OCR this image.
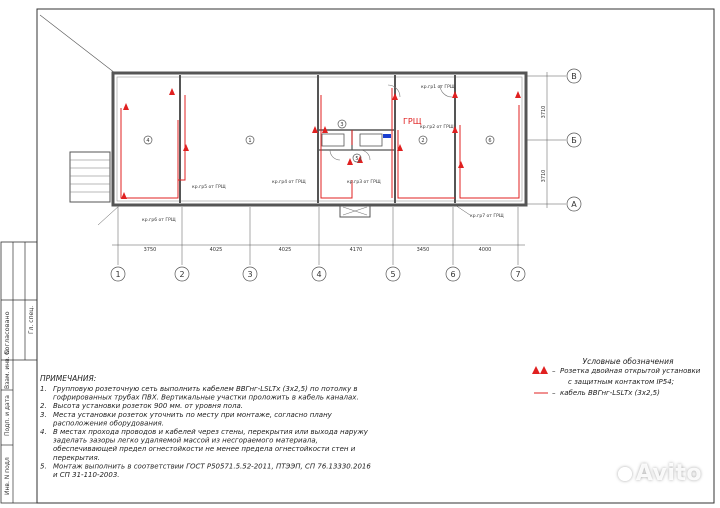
Согласовано	Гл. спец.
Взам. инв. N
Подп. и дата
Инв. N подл
4	1
3
5
2	6
ГРЩ
кр.гр1 от ГРЩ
кр.гр2 от ГРЩ
кр.гр3 от ГРЩ
кр.гр4 от ГРЩ
кр.гр5 от ГРЩ
кр.гр6 от ГРЩ
кр.гр7 от ГРЩ
3710
3710
В
Б
А
3750	4025	4025	4170	3450	4000
1	2	3	4	5	6	7
ПРИМЕЧАНИЯ:
1. Групповую розеточную сеть выполнить кабелем ВВГнг-LSLTx (3x2,5) по потолку в
гофрированных трубах ПВХ. Вертикальные участки проложить в кабель каналах.
2. Высота установки розеток 900 мм. от уровня пола.
3. Места установки розеток уточнить по месту при монтаже, согласно плану
расположения оборудования.
4. В местах прохода проводов и кабелей через стены, перекрытия или выхода наружу
заделать зазоры легко удаляемой массой из несгораемого материала,
обеспечивающей предел огнестойкости не менее предела огнестойкости стен и
перекрытия.
5. Монтаж выполнить в соответствии ГОСТ Р50571.5.52-2011, ПТЭЭП, СП 76.13330.2016
и СП 31-110-2003.
Условные обозначения
– Розетка двойная открытой установки
с защитным контактом IP54;
– кабель ВВГнг-LSLTx (3x2,5)
Avito
